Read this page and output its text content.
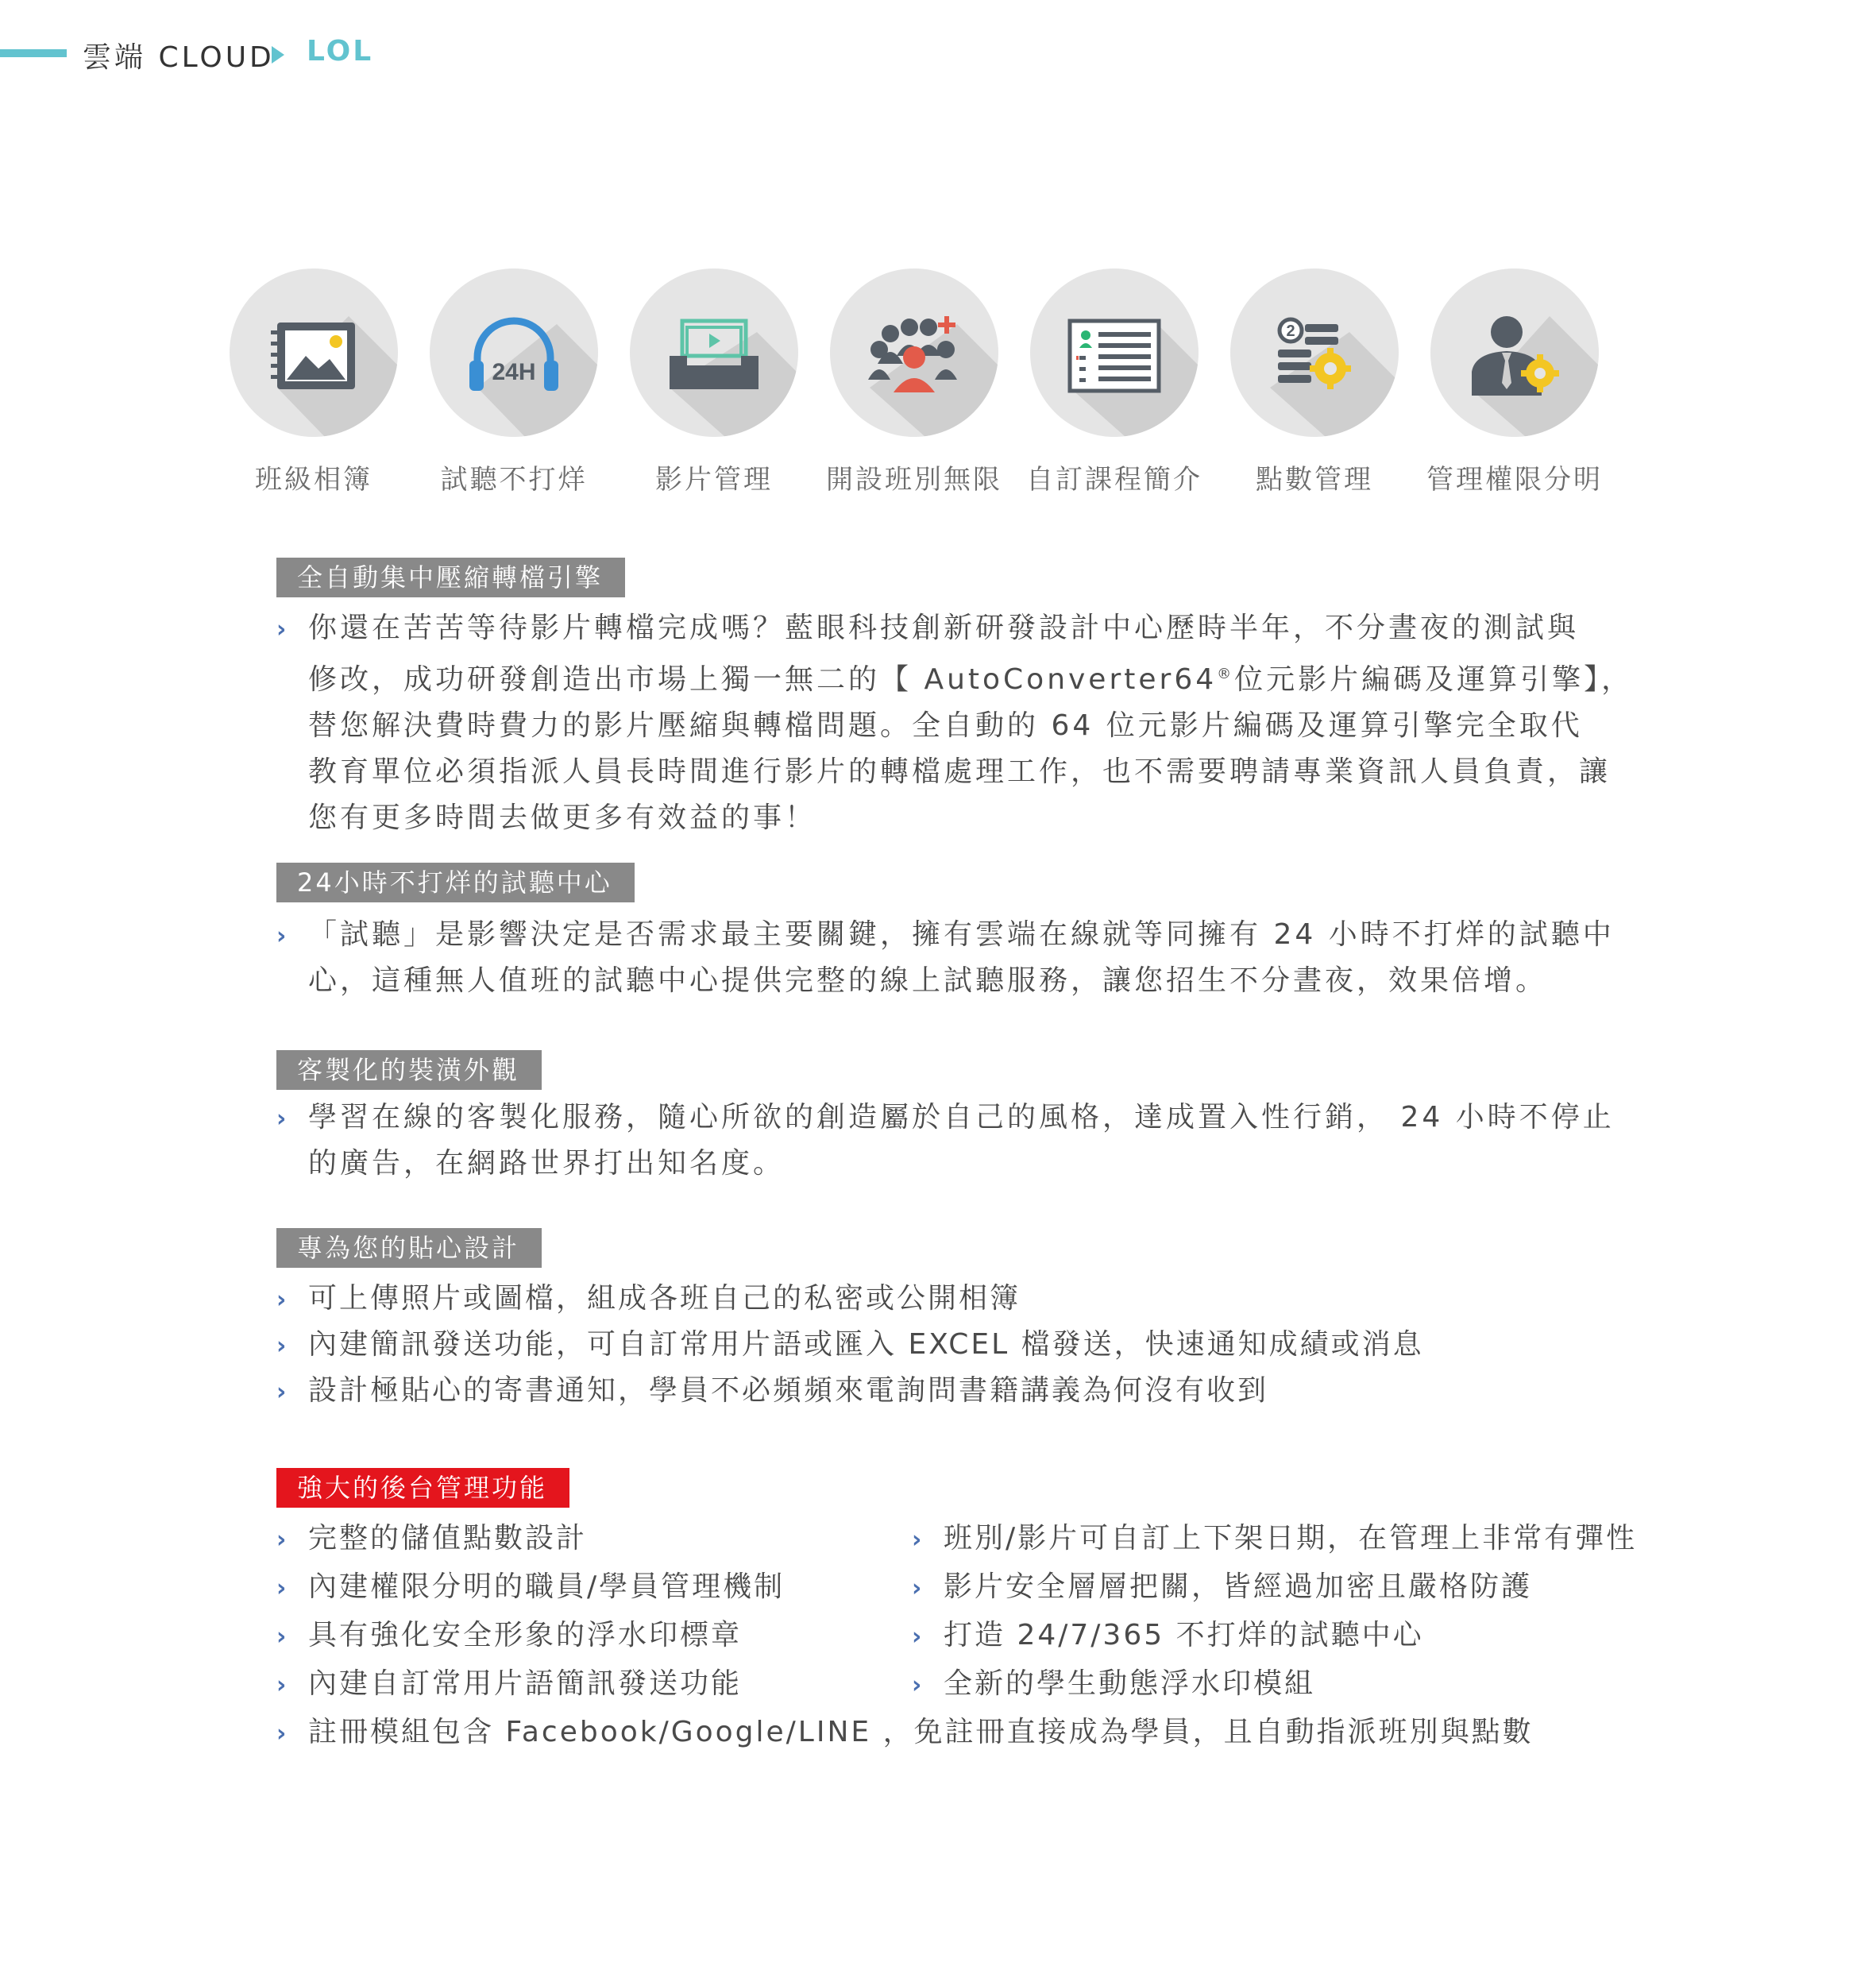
雲端 CLOUD LOL
班級相簿
24H
試聽不打烊	影片管理	開設班別無限 自訂課程簡介
2
點數管理	管理權限分明
全自動集中壓縮轉檔引擎
› 你還在苦苦等待影片轉檔完成嗎？藍眼科技創新研發設計中心歷時半年，不分晝夜的測試與
修改，成功研發創造出市場上獨一無二的【 AutoConverter64®位元影片編碼及運算引擎】，
替您解決費時費力的影片壓縮與轉檔問題。全自動的 64 位元影片編碼及運算引擎完全取代
教育單位必須指派人員長時間進行影片的轉檔處理工作，也不需要聘請專業資訊人員負責，讓
您有更多時間去做更多有效益的事！
24小時不打烊的試聽中心
› 「試聽」是影響決定是否需求最主要關鍵，擁有雲端在線就等同擁有 24 小時不打烊的試聽中
心，這種無人值班的試聽中心提供完整的線上試聽服務，讓您招生不分晝夜，效果倍增。
客製化的裝潢外觀
› 學習在線的客製化服務，隨心所欲的創造屬於自己的風格，達成置入性行銷， 24 小時不停止
的廣告，在網路世界打出知名度。
專為您的貼心設計
› 可上傳照片或圖檔，組成各班自己的私密或公開相簿
› 內建簡訊發送功能，可自訂常用片語或匯入 EXCEL 檔發送，快速通知成績或消息
› 設計極貼心的寄書通知，學員不必頻頻來電詢問書籍講義為何沒有收到
強大的後台管理功能
› 完整的儲值點數設計
› 內建權限分明的職員/學員管理機制
› 具有強化安全形象的浮水印標章
› 內建自訂常用片語簡訊發送功能
› 班別/影片可自訂上下架日期，在管理上非常有彈性
› 影片安全層層把關，皆經過加密且嚴格防護
› 打造 24/7/365 不打烊的試聽中心
› 全新的學生動態浮水印模組
› 註冊模組包含 Facebook/Google/LINE ，免註冊直接成為學員，且自動指派班別與點數
